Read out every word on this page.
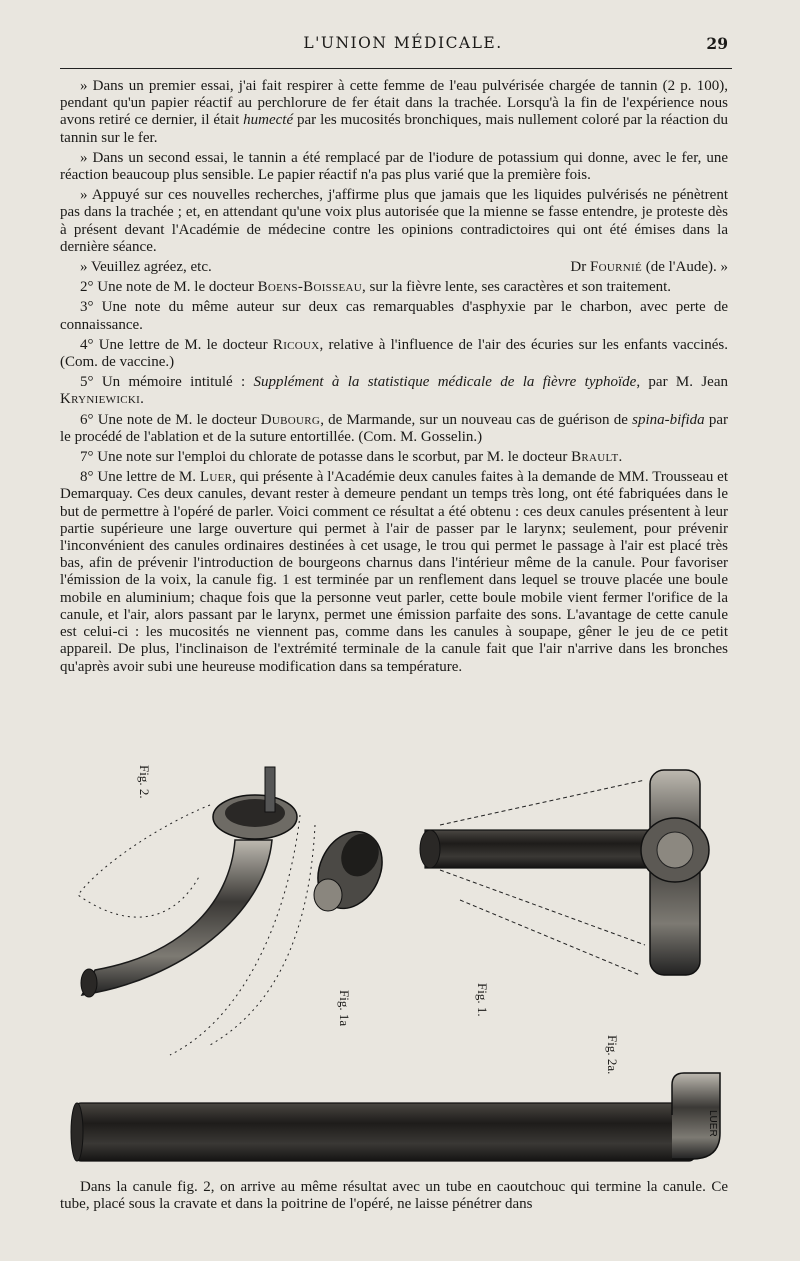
L'UNION MÉDICALE.	29

» Dans un premier essai, j'ai fait respirer à cette femme de l'eau pulvérisée chargée de tannin (2 p. 100), pendant qu'un papier réactif au perchlorure de fer était dans la trachée. Lorsqu'à la fin de l'expérience nous avons retiré ce dernier, il était humecté par les mucosités bronchiques, mais nullement coloré par la réaction du tannin sur le fer.

» Dans un second essai, le tannin a été remplacé par de l'iodure de potassium qui donne, avec le fer, une réaction beaucoup plus sensible. Le papier réactif n'a pas plus varié que la première fois.

» Appuyé sur ces nouvelles recherches, j'affirme plus que jamais que les liquides pulvérisés ne pénètrent pas dans la trachée ; et, en attendant qu'une voix plus autorisée que la mienne se fasse entendre, je proteste dès à présent devant l'Académie de médecine contre les opinions contradictoires qui ont été émises dans la dernière séance.

» Veuillez agréez, etc.	Dr Fournié (de l'Aude). »

2° Une note de M. le docteur Boens-Boisseau, sur la fièvre lente, ses caractères et son traitement.

3° Une note du même auteur sur deux cas remarquables d'asphyxie par le charbon, avec perte de connaissance.

4° Une lettre de M. le docteur Ricoux, relative à l'influence de l'air des écuries sur les enfants vaccinés. (Com. de vaccine.)

5° Un mémoire intitulé : Supplément à la statistique médicale de la fièvre typhoïde, par M. Jean Kryniewicki.

6° Une note de M. le docteur Dubourg, de Marmande, sur un nouveau cas de guérison de spina-bifida par le procédé de l'ablation et de la suture entortillée. (Com. M. Gosselin.)

7° Une note sur l'emploi du chlorate de potasse dans le scorbut, par M. le docteur Brault.

8° Une lettre de M. Luer, qui présente à l'Académie deux canules faites à la demande de MM. Trousseau et Demarquay. Ces deux canules, devant rester à demeure pendant un temps très long, ont été fabriquées dans le but de permettre à l'opéré de parler. Voici comment ce résultat a été obtenu : ces deux canules présentent à leur partie supérieure une large ouverture qui permet à l'air de passer par le larynx; seulement, pour prévenir l'inconvénient des canules ordinaires destinées à cet usage, le trou qui permet le passage à l'air est placé très bas, afin de prévenir l'introduction de bourgeons charnus dans l'intérieur même de la canule. Pour favoriser l'émission de la voix, la canule fig. 1 est terminée par un renflement dans lequel se trouve placée une boule mobile en aluminium; chaque fois que la personne veut parler, cette boule mobile vient fermer l'orifice de la canule, et l'air, alors passant par le larynx, permet une émission parfaite des sons. L'avantage de cette canule est celui-ci : les mucosités ne viennent pas, comme dans les canules à soupape, gêner le jeu de ce petit appareil. De plus, l'inclinaison de l'extrémité terminale de la canule fait que l'air n'arrive dans les bronches qu'après avoir subi une heureuse modification dans sa température.

LUER
Fig. 2.
Fig. 1a	Fig. 1.
Fig. 2a.

Dans la canule fig. 2, on arrive au même résultat avec un tube en caoutchouc qui termine la canule. Ce tube, placé sous la cravate et dans la poitrine de l'opéré, ne laisse pénétrer dans
